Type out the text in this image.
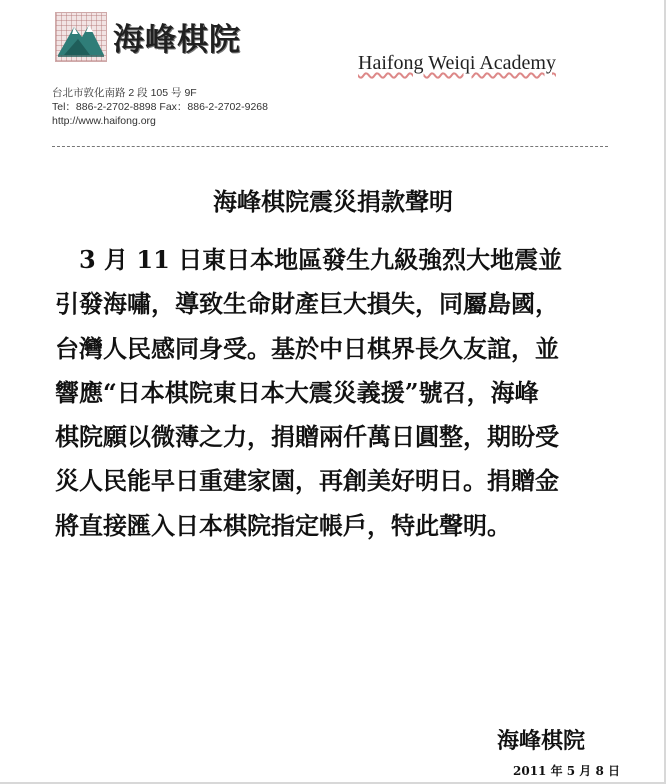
海峰棋院
Haifong Weiqi Academy
台北市敦化南路 2 段 105 号 9F
Tel：886-2-2702-8898 Fax：886-2-2702-9268
http://www.haifong.org
海峰棋院震災捐款聲明
　3 月 11 日東日本地區發生九級強烈大地震並
引發海嘯，導致生命財產巨大損失，同屬島國，
台灣人民感同身受。基於中日棋界長久友誼，並
響應“日本棋院東日本大震災義援”號召，海峰
棋院願以微薄之力，捐贈兩仟萬日圓整，期盼受
災人民能早日重建家園，再創美好明日。捐贈金
將直接匯入日本棋院指定帳戶，特此聲明。
海峰棋院
2011 年 5 月 8 日
